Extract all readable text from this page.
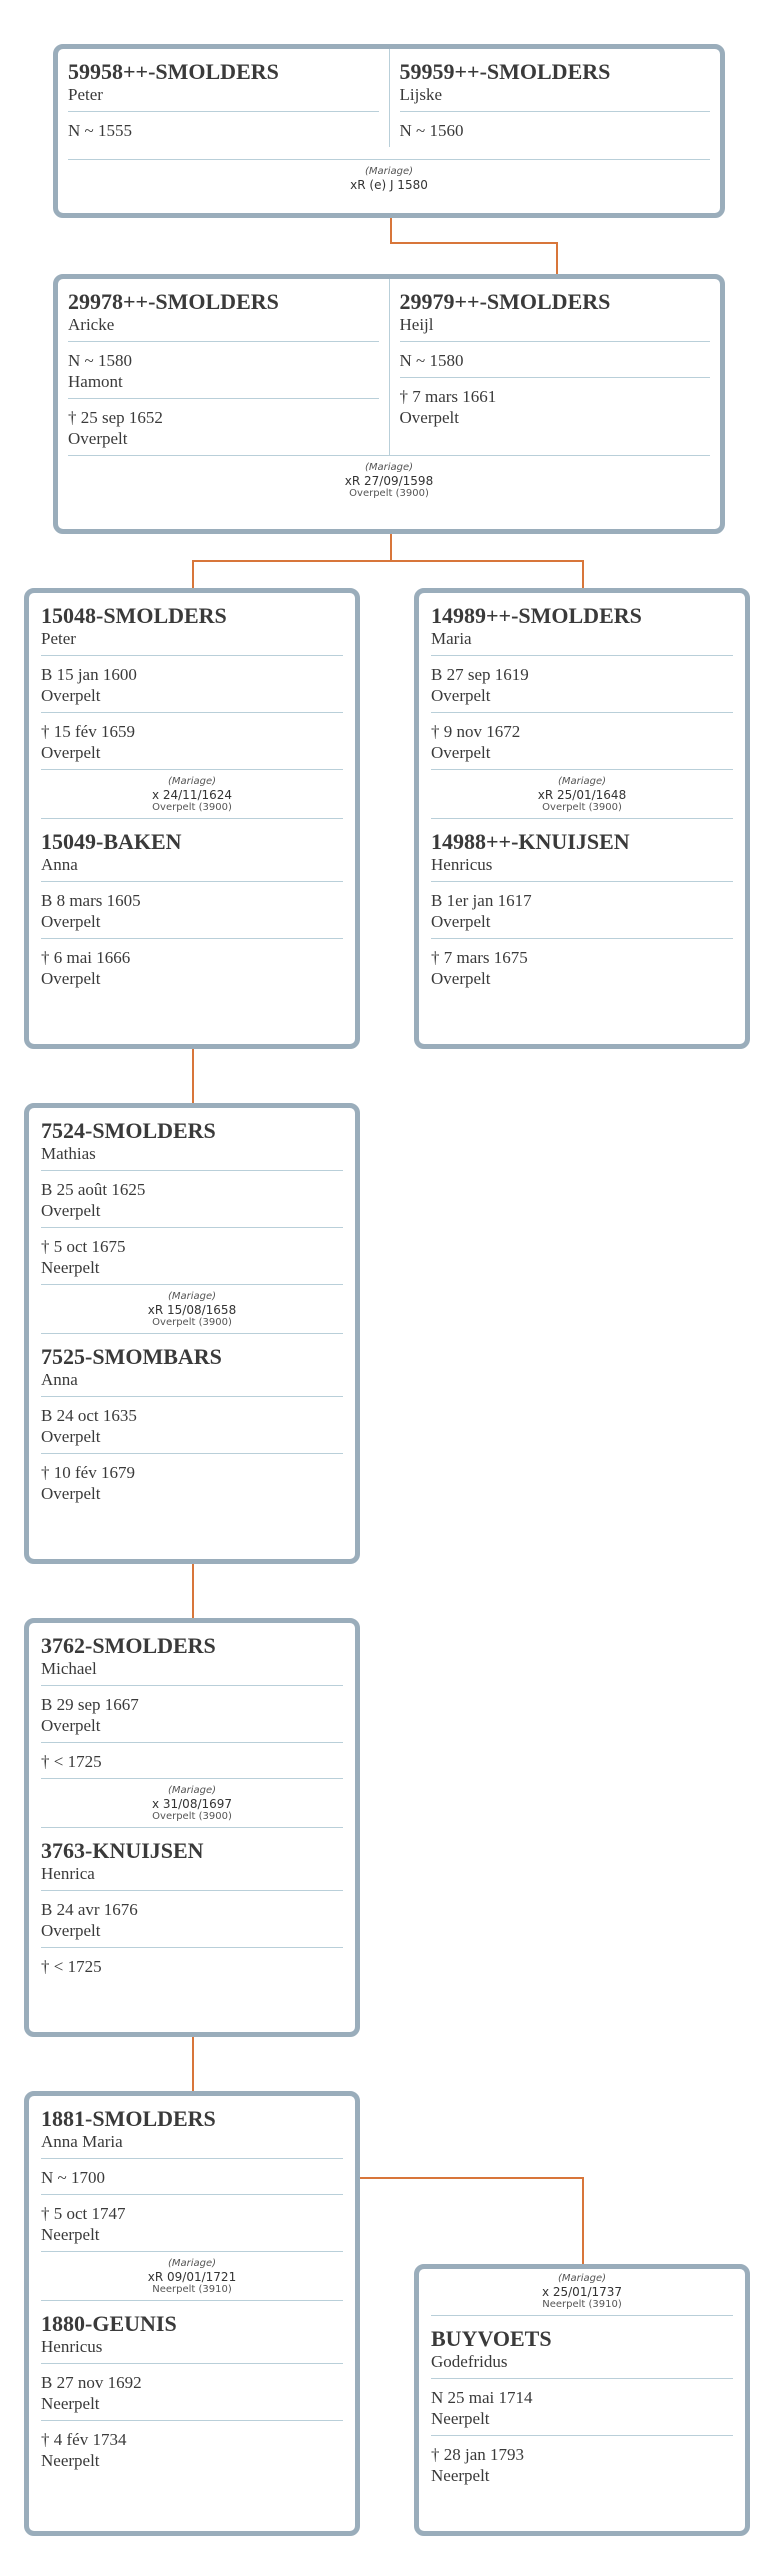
59958++-SMOLDERS
Peter
N ~ 1555
59959++-SMOLDERS
Lijske
N ~ 1560
(Mariage)
xR (e) J 1580
29978++-SMOLDERS
Aricke
N ~ 1580
Hamont
† 25 sep 1652
Overpelt
29979++-SMOLDERS
Heijl
N ~ 1580
† 7 mars 1661
Overpelt
(Mariage)
xR 27/09/1598
Overpelt (3900)
15048-SMOLDERS
Peter
B 15 jan 1600
Overpelt
† 15 fév 1659
Overpelt
(Mariage)
x 24/11/1624
Overpelt (3900)
15049-BAKEN
Anna
B 8 mars 1605
Overpelt
† 6 mai 1666
Overpelt
14989++-SMOLDERS
Maria
B 27 sep 1619
Overpelt
† 9 nov 1672
Overpelt
(Mariage)
xR 25/01/1648
Overpelt (3900)
14988++-KNUIJSEN
Henricus
B 1er jan 1617
Overpelt
† 7 mars 1675
Overpelt
7524-SMOLDERS
Mathias
B 25 août 1625
Overpelt
† 5 oct 1675
Neerpelt
(Mariage)
xR 15/08/1658
Overpelt (3900)
7525-SMOMBARS
Anna
B 24 oct 1635
Overpelt
† 10 fév 1679
Overpelt
3762-SMOLDERS
Michael
B 29 sep 1667
Overpelt
† < 1725
(Mariage)
x 31/08/1697
Overpelt (3900)
3763-KNUIJSEN
Henrica
B 24 avr 1676
Overpelt
† < 1725
1881-SMOLDERS
Anna Maria
N ~ 1700
† 5 oct 1747
Neerpelt
(Mariage)
xR 09/01/1721
Neerpelt (3910)
1880-GEUNIS
Henricus
B 27 nov 1692
Neerpelt
† 4 fév 1734
Neerpelt
(Mariage)
x 25/01/1737
Neerpelt (3910)
BUYVOETS
Godefridus
N 25 mai 1714
Neerpelt
† 28 jan 1793
Neerpelt
